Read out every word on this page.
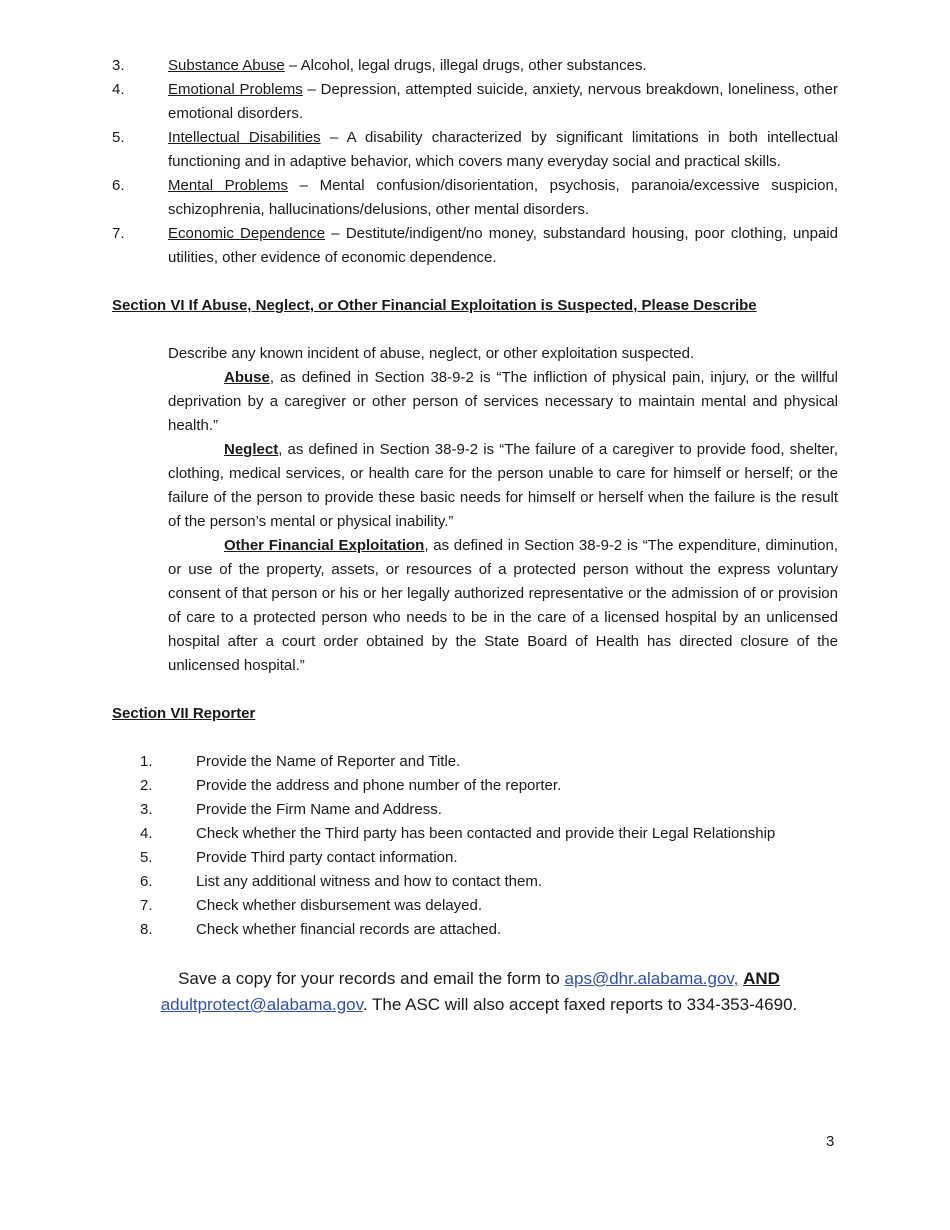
3.	Substance Abuse – Alcohol, legal drugs, illegal drugs, other substances.
4.	Emotional Problems – Depression, attempted suicide, anxiety, nervous breakdown, loneliness, other emotional disorders.
5.	Intellectual Disabilities – A disability characterized by significant limitations in both intellectual functioning and in adaptive behavior, which covers many everyday social and practical skills.
6.	Mental Problems – Mental confusion/disorientation, psychosis, paranoia/excessive suspicion, schizophrenia, hallucinations/delusions, other mental disorders.
7.	Economic Dependence – Destitute/indigent/no money, substandard housing, poor clothing, unpaid utilities, other evidence of economic dependence.

Section VI If Abuse, Neglect, or Other Financial Exploitation is Suspected, Please Describe

Describe any known incident of abuse, neglect, or other exploitation suspected.

Abuse, as defined in Section 38-9-2 is “The infliction of physical pain, injury, or the willful deprivation by a caregiver or other person of services necessary to maintain mental and physical health.”

Neglect, as defined in Section 38-9-2 is “The failure of a caregiver to provide food, shelter, clothing, medical services, or health care for the person unable to care for himself or herself; or the failure of the person to provide these basic needs for himself or herself when the failure is the result of the person’s mental or physical inability.”

Other Financial Exploitation, as defined in Section 38-9-2 is “The expenditure, diminution, or use of the property, assets, or resources of a protected person without the express voluntary consent of that person or his or her legally authorized representative or the admission of or provision of care to a protected person who needs to be in the care of a licensed hospital by an unlicensed hospital after a court order obtained by the State Board of Health has directed closure of the unlicensed hospital.”

Section VII Reporter

1.	Provide the Name of Reporter and Title.
2.	Provide the address and phone number of the reporter.
3.	Provide the Firm Name and Address.
4.	Check whether the Third party has been contacted and provide their Legal Relationship
5.	Provide Third party contact information.
6.	List any additional witness and how to contact them.
7.	Check whether disbursement was delayed.
8.	Check whether financial records are attached.

Save a copy for your records and email the form to aps@dhr.alabama.gov, AND
adultprotect@alabama.gov. The ASC will also accept faxed reports to 334-353-4690.

3
